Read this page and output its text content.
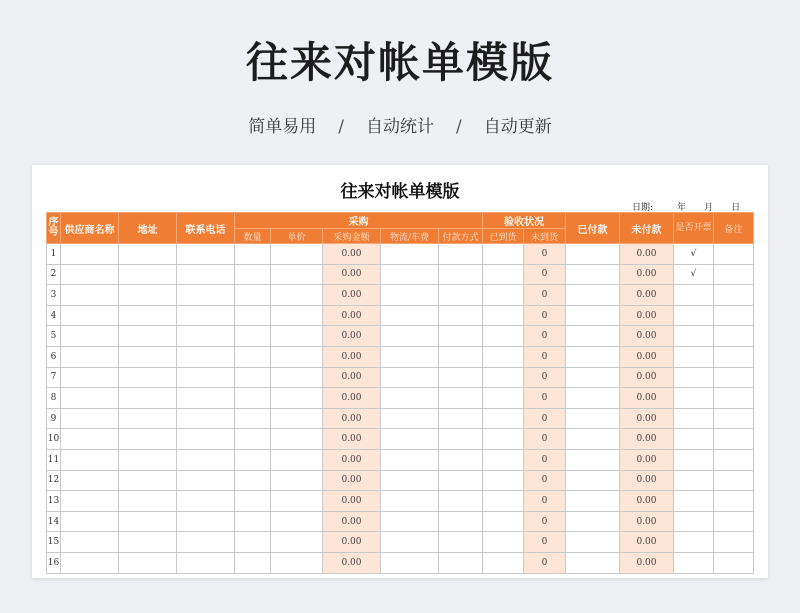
往来对帐单模版
简单易用 / 自动统计 / 自动更新
往来对帐单模版
日期:	年 月 日
序号	供应商名称	地址	联系电话	采购					验收状况		已付款	未付款	是否开票	备注
				数量	单价	采购金额	物流/车费	付款方式	已到货	未到货				
1						0.00				0		0.00	√	
2						0.00				0		0.00	√	
3						0.00				0		0.00		
4						0.00				0		0.00		
5						0.00				0		0.00		
6						0.00				0		0.00		
7						0.00				0		0.00		
8						0.00				0		0.00		
9						0.00				0		0.00		
10						0.00				0		0.00		
11						0.00				0		0.00		
12						0.00				0		0.00		
13						0.00				0		0.00		
14						0.00				0		0.00		
15						0.00				0		0.00		
16						0.00				0		0.00		
